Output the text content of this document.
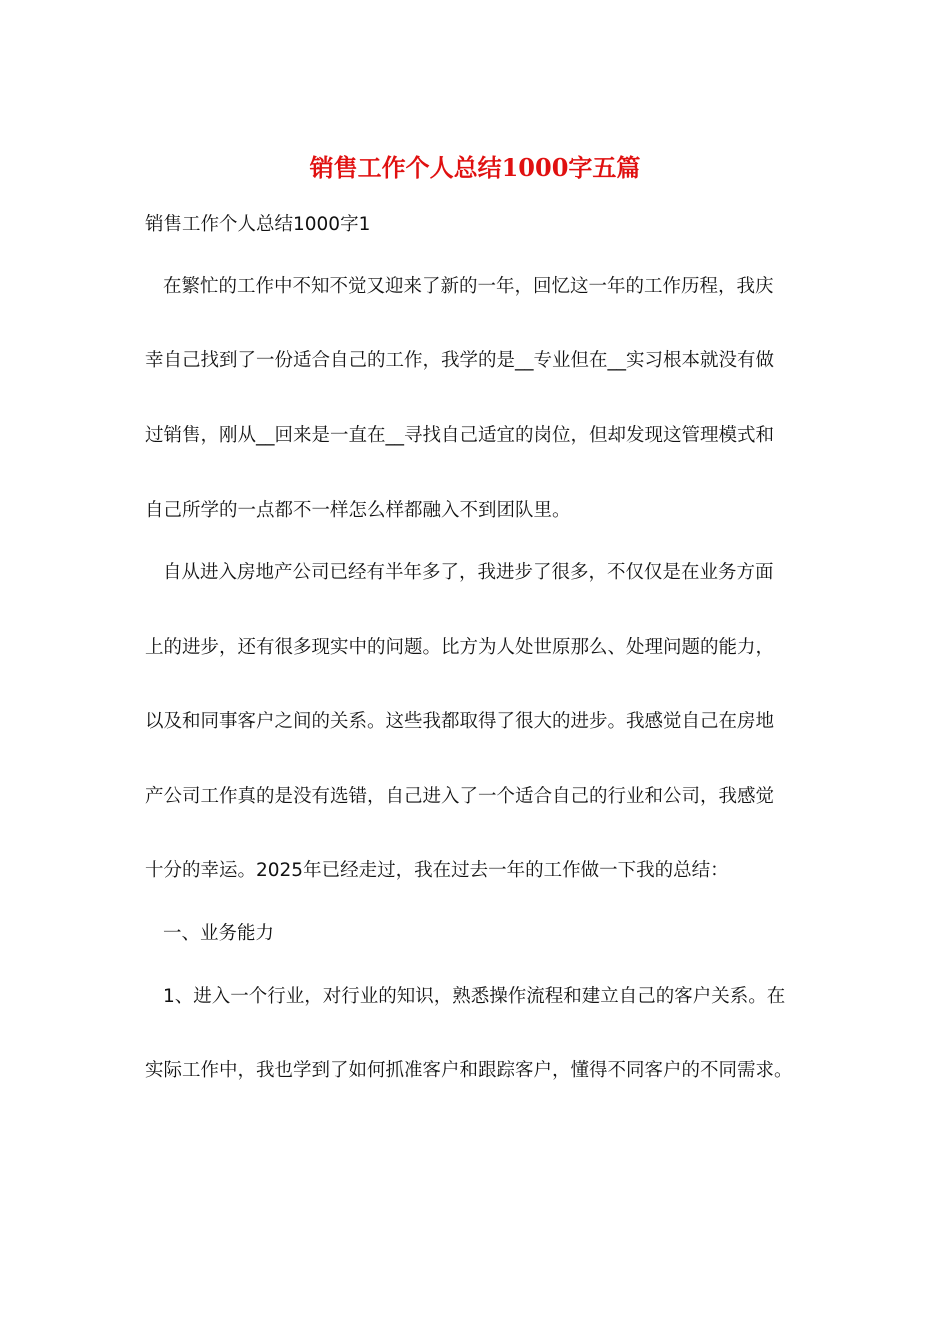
销售工作个人总结1000字五篇

销售工作个人总结1000字1

在繁忙的工作中不知不觉又迎来了新的一年，回忆这一年的工作历程，我庆

幸自己找到了一份适合自己的工作，我学的是__专业但在__实习根本就没有做

过销售，刚从__回来是一直在__寻找自己适宜的岗位，但却发现这管理模式和

自己所学的一点都不一样怎么样都融入不到团队里。

自从进入房地产公司已经有半年多了，我进步了很多，不仅仅是在业务方面

上的进步，还有很多现实中的问题。比方为人处世原那么、处理问题的能力，

以及和同事客户之间的关系。这些我都取得了很大的进步。我感觉自己在房地

产公司工作真的是没有选错，自己进入了一个适合自己的行业和公司，我感觉

十分的幸运。2025年已经走过，我在过去一年的工作做一下我的总结：

一、业务能力

1、进入一个行业，对行业的知识，熟悉操作流程和建立自己的客户关系。在

实际工作中，我也学到了如何抓准客户和跟踪客户，懂得不同客户的不同需求。
